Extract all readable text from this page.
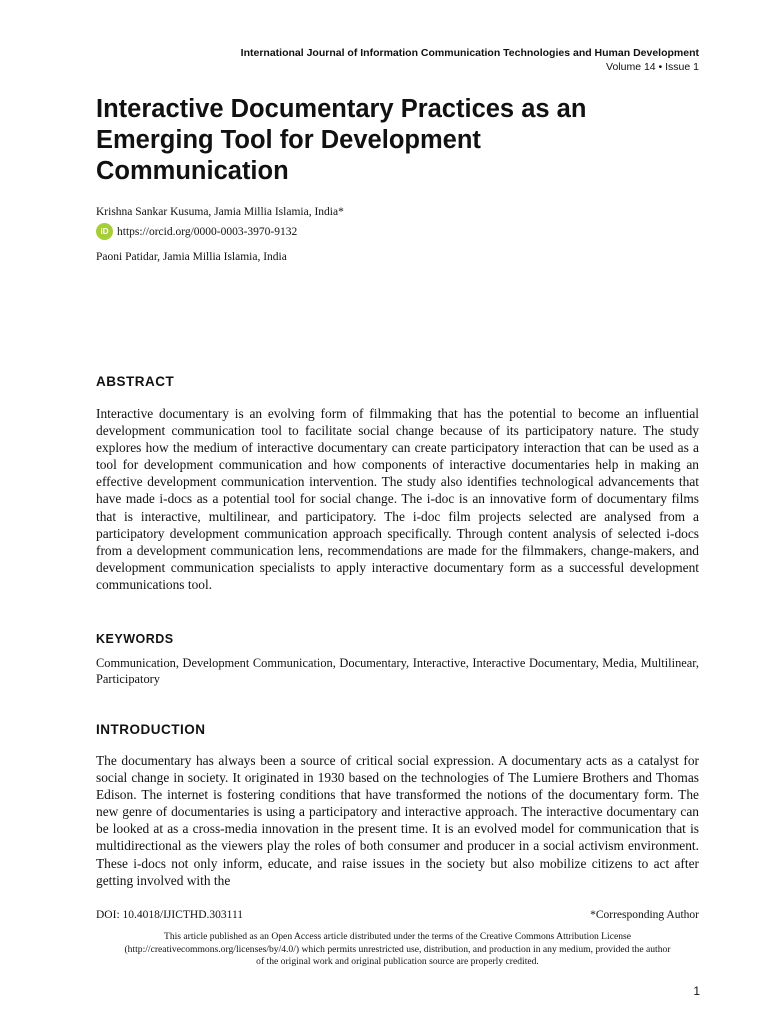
International Journal of Information Communication Technologies and Human Development
Volume 14 • Issue 1
Interactive Documentary Practices as an Emerging Tool for Development Communication
Krishna Sankar Kusuma, Jamia Millia Islamia, India*
iD https://orcid.org/0000-0003-3970-9132
Paoni Patidar, Jamia Millia Islamia, India
ABSTRACT

Interactive documentary is an evolving form of filmmaking that has the potential to become an influential development communication tool to facilitate social change because of its participatory nature. The study explores how the medium of interactive documentary can create participatory interaction that can be used as a tool for development communication and how components of interactive documentaries help in making an effective development communication intervention. The study also identifies technological advancements that have made i-docs as a potential tool for social change. The i-doc is an innovative form of documentary films that is interactive, multilinear, and participatory. The i-doc film projects selected are analysed from a participatory development communication approach specifically. Through content analysis of selected i-docs from a development communication lens, recommendations are made for the filmmakers, change-makers, and development communication specialists to apply interactive documentary form as a successful development communications tool.

KEYWORDS

Communication, Development Communication, Documentary, Interactive, Interactive Documentary, Media, Multilinear, Participatory

INTRODUCTION

The documentary has always been a source of critical social expression. A documentary acts as a catalyst for social change in society. It originated in 1930 based on the technologies of The Lumiere Brothers and Thomas Edison. The internet is fostering conditions that have transformed the notions of the documentary form. The new genre of documentaries is using a participatory and interactive approach. The interactive documentary can be looked at as a cross-media innovation in the present time. It is an evolved model for communication that is multidirectional as the viewers play the roles of both consumer and producer in a social activism environment. These i-docs not only inform, educate, and raise issues in the society but also mobilize citizens to act after getting involved with the

DOI: 10.4018/IJICTHD.303111	*Corresponding Author
This article published as an Open Access article distributed under the terms of the Creative Commons Attribution License (http://creativecommons.org/licenses/by/4.0/) which permits unrestricted use, distribution, and production in any medium, provided the author of the original work and original publication source are properly credited.
1
